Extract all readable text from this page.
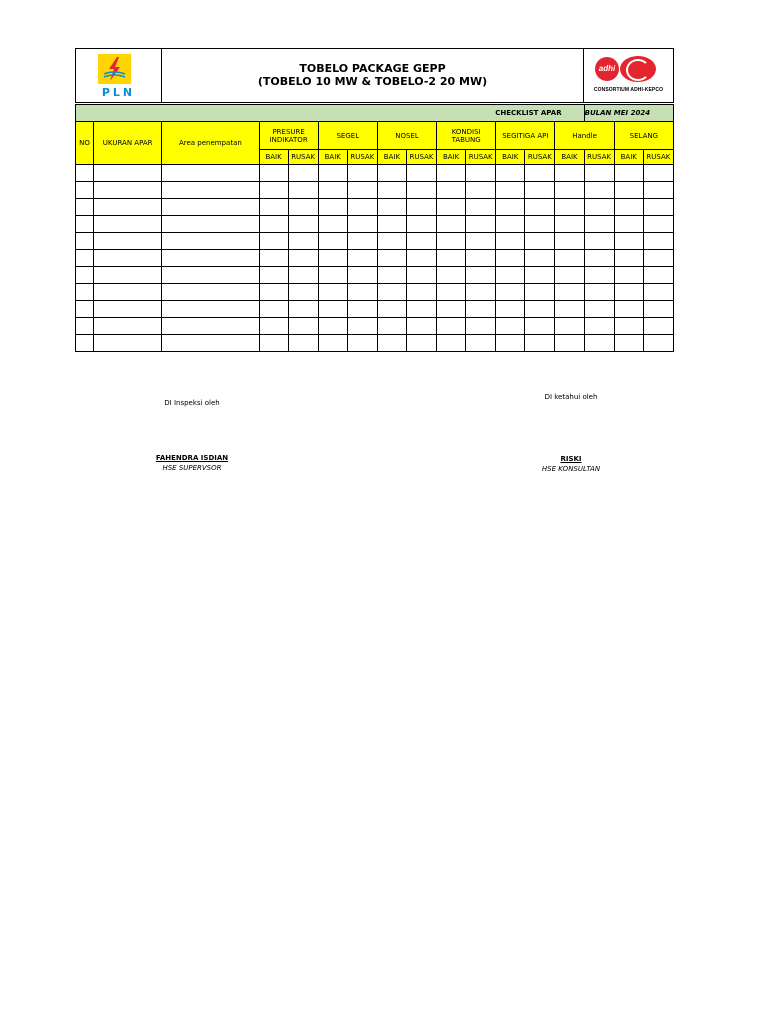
PLN
TOBELO PACKAGE GEPP
(TOBELO 10 MW & TOBELO-2 20 MW)
adhi
CONSORTIUM ADHI-KEPCO
CHECKLIST APAR														BULAN MEI 2024		
NO	UKURAN APAR	Area penempatan	PRESURE INDIKATOR		SEGEL		NOSEL		KONDISI TABUNG		SEGITIGA API		Handle		SELANG	
			BAIK	RUSAK	BAIK	RUSAK	BAIK	RUSAK	BAIK	RUSAK	BAIK	RUSAK	BAIK	RUSAK	BAIK	RUSAK

DI Inspeksi oleh
FAHENDRA ISDIAN
HSE SUPERVSOR
DI ketahui oleh
RISKI
HSE KONSULTAN
